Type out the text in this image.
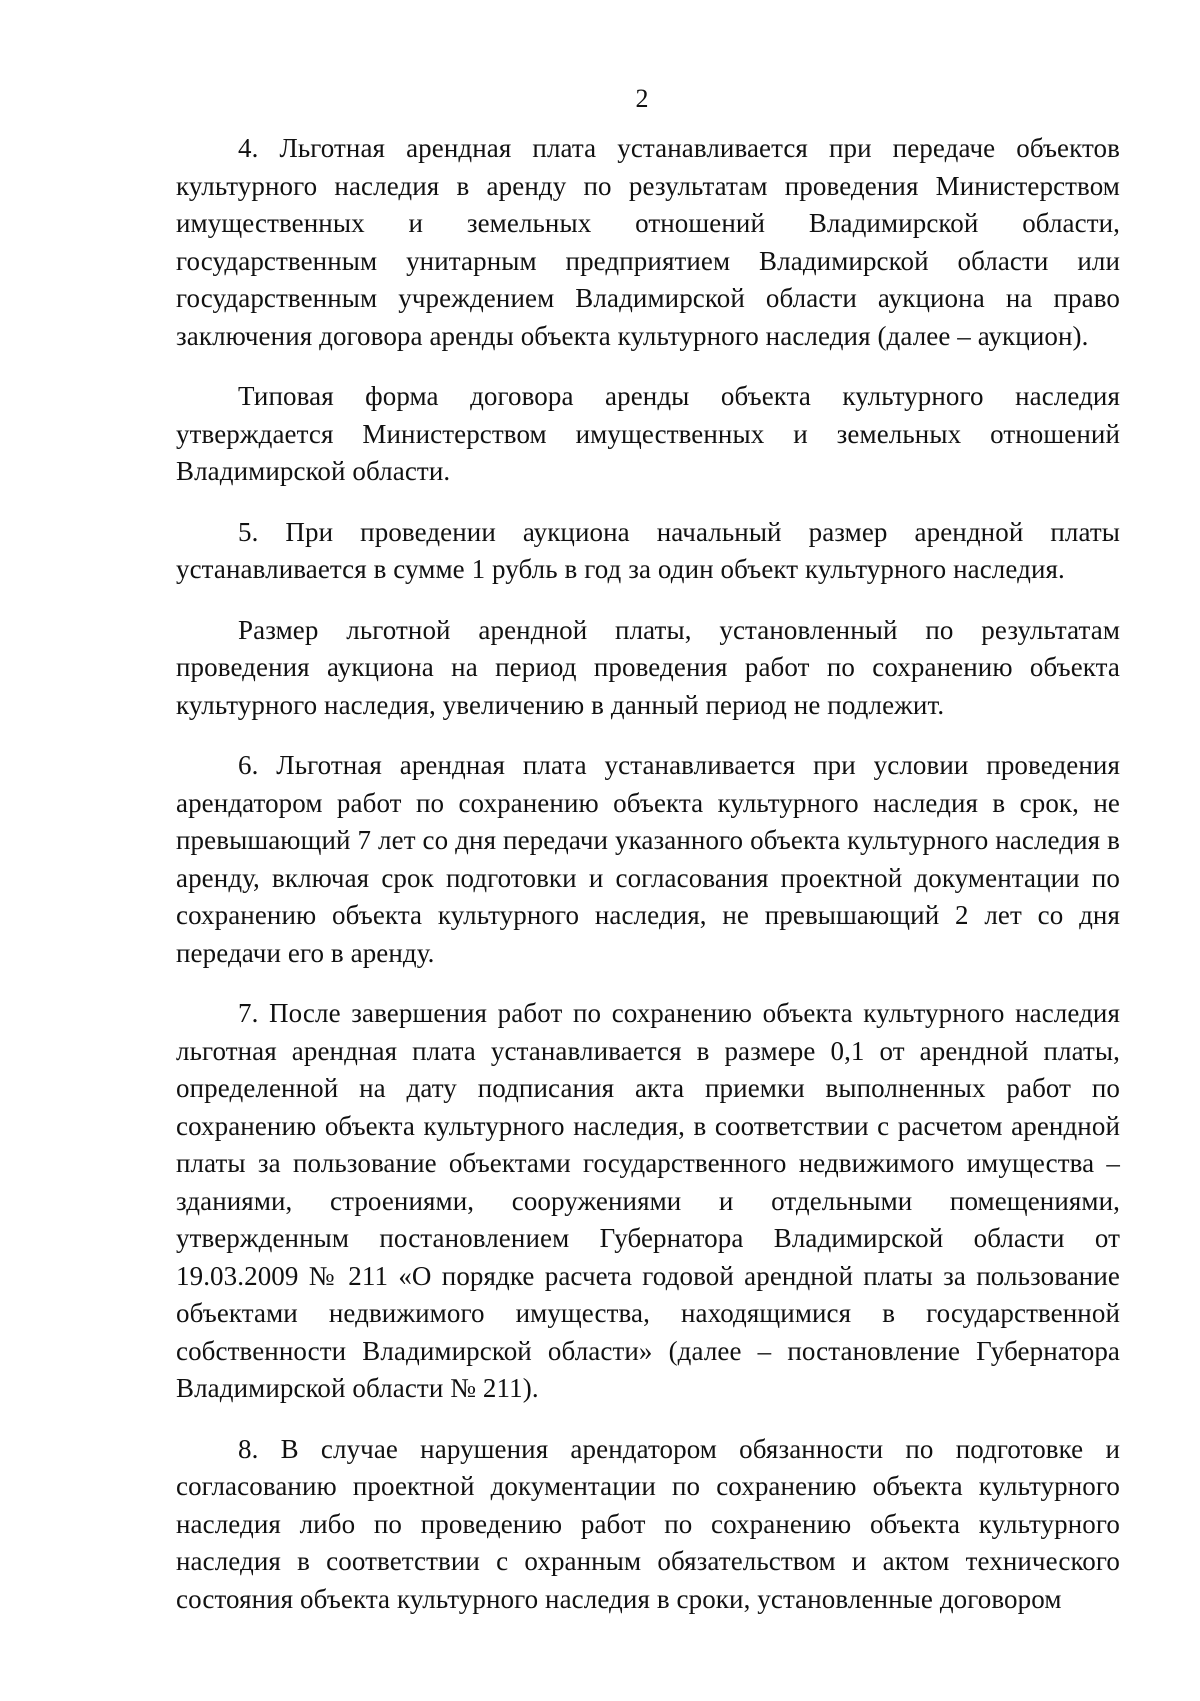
2

4. Льготная арендная плата устанавливается при передаче объектов культурного наследия в аренду по результатам проведения Министерством имущественных и земельных отношений Владимирской области, государственным унитарным предприятием Владимирской области или государственным учреждением Владимирской области аукциона на право заключения договора аренды объекта культурного наследия (далее – аукцион).

Типовая форма договора аренды объекта культурного наследия утверждается Министерством имущественных и земельных отношений Владимирской области.

5. При проведении аукциона начальный размер арендной платы устанавливается в сумме 1 рубль в год за один объект культурного наследия.

Размер льготной арендной платы, установленный по результатам проведения аукциона на период проведения работ по сохранению объекта культурного наследия, увеличению в данный период не подлежит.

6. Льготная арендная плата устанавливается при условии проведения арендатором работ по сохранению объекта культурного наследия в срок, не превышающий 7 лет со дня передачи указанного объекта культурного наследия в аренду, включая срок подготовки и согласования проектной документации по сохранению объекта культурного наследия, не превышающий 2 лет со дня передачи его в аренду.

7. После завершения работ по сохранению объекта культурного наследия льготная арендная плата устанавливается в размере 0,1 от арендной платы, определенной на дату подписания акта приемки выполненных работ по сохранению объекта культурного наследия, в соответствии с расчетом арендной платы за пользование объектами государственного недвижимого имущества – зданиями, строениями, сооружениями и отдельными помещениями, утвержденным постановлением Губернатора Владимирской области от 19.03.2009 № 211 «О порядке расчета годовой арендной платы за пользование объектами недвижимого имущества, находящимися в государственной собственности Владимирской области» (далее – постановление Губернатора Владимирской области № 211).

8. В случае нарушения арендатором обязанности по подготовке и согласованию проектной документации по сохранению объекта культурного наследия либо по проведению работ по сохранению объекта культурного наследия в соответствии с охранным обязательством и актом технического состояния объекта культурного наследия в сроки, установленные договором
